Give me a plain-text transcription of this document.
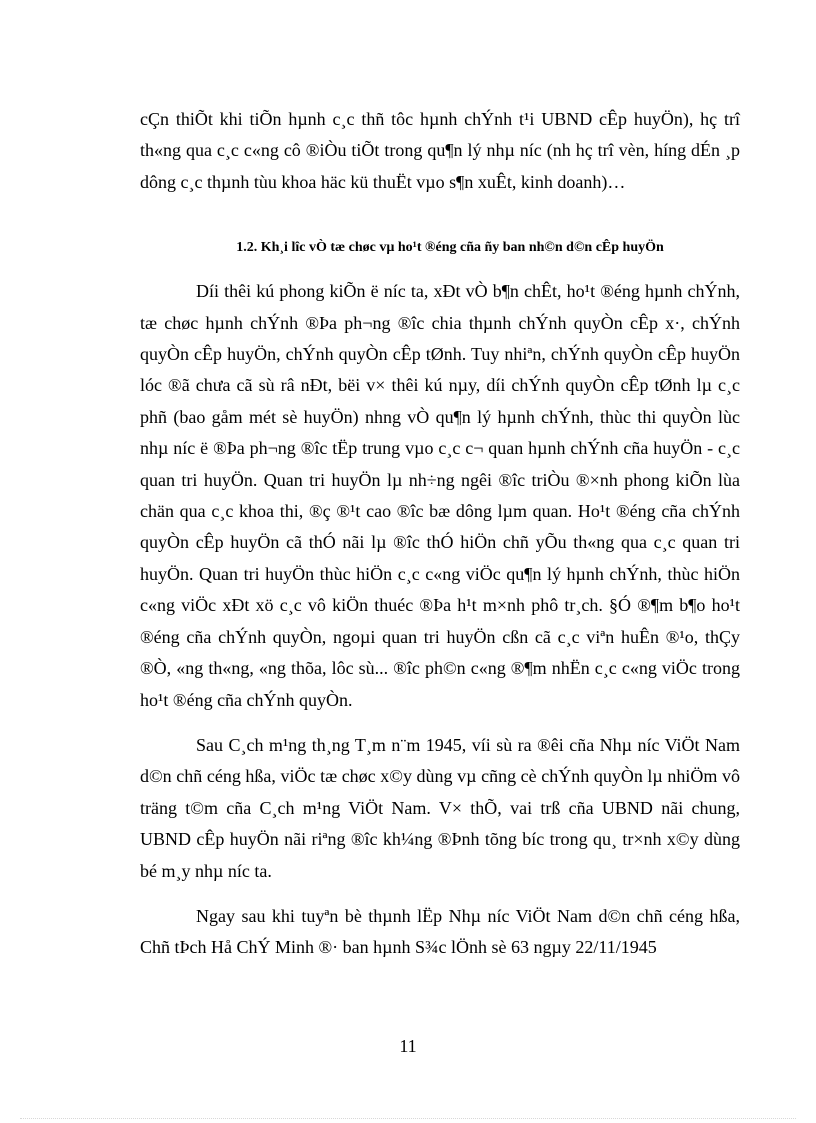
cÇn thiÕt khi tiÕn hµnh c¸c thñ tôc hµnh chÝnh t¹i UBND cÊp huyÖn), hç trî th«ng qua c¸c c«ng cô ®iÒu tiÕt trong qu¶n lý nhµ níc (nh hç trî vèn, híng dÉn ¸p dông c¸c thµnh tùu khoa häc kü thuËt vµo s¶n xuÊt, kinh doanh)…

1.2. Kh¸i lîc vÒ tæ chøc vµ ho¹t ®éng cña ñy ban nh©n d©n cÊp huyÖn

Díi thêi kú phong kiÕn ë níc ta, xÐt vÒ b¶n chÊt, ho¹t ®éng hµnh chÝnh, tæ chøc hµnh chÝnh ®Þa ph¬ng ®îc chia thµnh chÝnh quyÒn cÊp x·, chÝnh quyÒn cÊp huyÖn, chÝnh quyÒn cÊp tØnh. Tuy nhiªn, chÝnh quyÒn cÊp huyÖn lóc ®ã chưa cã sù râ nÐt, bëi v× thêi kú nµy, díi chÝnh quyÒn cÊp tØnh lµ c¸c phñ (bao gåm mét sè huyÖn) nhng vÒ qu¶n lý hµnh chÝnh, thùc thi quyÒn lùc nhµ níc ë ®Þa ph¬ng ®îc tËp trung vµo c¸c c¬ quan hµnh chÝnh cña huyÖn - c¸c quan tri huyÖn. Quan tri huyÖn lµ nh÷ng ngêi ®îc triÒu ®×nh phong kiÕn lùa chän qua c¸c khoa thi, ®ç ®¹t cao ®îc bæ dông lµm quan. Ho¹t ®éng cña chÝnh quyÒn cÊp huyÖn cã thÓ nãi lµ ®îc thÓ hiÖn chñ yÕu th«ng qua c¸c quan tri huyÖn. Quan tri huyÖn thùc hiÖn c¸c c«ng viÖc qu¶n lý hµnh chÝnh, thùc hiÖn c«ng viÖc xÐt xö c¸c vô kiÖn thuéc ®Þa h¹t m×nh phô tr¸ch. §Ó ®¶m b¶o ho¹t ®éng cña chÝnh quyÒn, ngoµi quan tri huyÖn cßn cã c¸c viªn huÊn ®¹o, thÇy ®Ò, «ng th«ng, «ng thõa, lôc sù... ®îc ph©n c«ng ®¶m nhËn c¸c c«ng viÖc trong ho¹t ®éng cña chÝnh quyÒn.

Sau C¸ch m¹ng th¸ng T¸m n¨m 1945, víi sù ra ®êi cña Nhµ níc ViÖt Nam d©n chñ céng hßa, viÖc tæ chøc x©y dùng vµ cñng cè chÝnh quyÒn lµ nhiÖm vô träng t©m cña C¸ch m¹ng ViÖt Nam. V× thÕ, vai trß cña UBND nãi chung, UBND cÊp huyÖn nãi riªng ®îc kh¼ng ®Þnh tõng bíc trong qu¸ tr×nh x©y dùng bé m¸y nhµ níc ta.

Ngay sau khi tuyªn bè thµnh lËp Nhµ níc ViÖt Nam d©n chñ céng hßa, Chñ tÞch Hå ChÝ Minh ®· ban hµnh S¾c lÖnh sè 63 ngµy 22/11/1945

11
